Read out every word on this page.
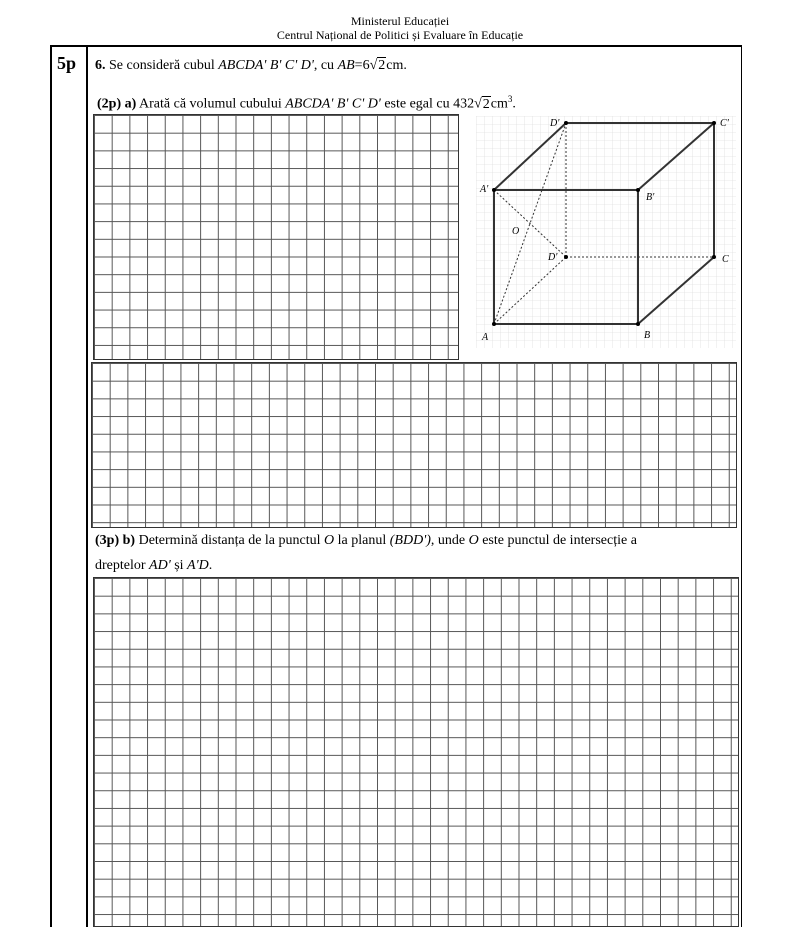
Ministerul Educației
Centrul Național de Politici și Evaluare în Educație
5p 6. Se consideră cubul ABCDA' B' C' D', cu AB=6√2cm.
(2p) a) Arată că volumul cubului ABCDA' B' C' D' este egal cu $432√2cm^3$.
A	B
C
D'
A'
B'
C'
D'
O
(3p) b) Determină distanța de la punctul O la planul (BDD'), unde O este punctul de intersecție a
dreptelor AD' și A'D.
